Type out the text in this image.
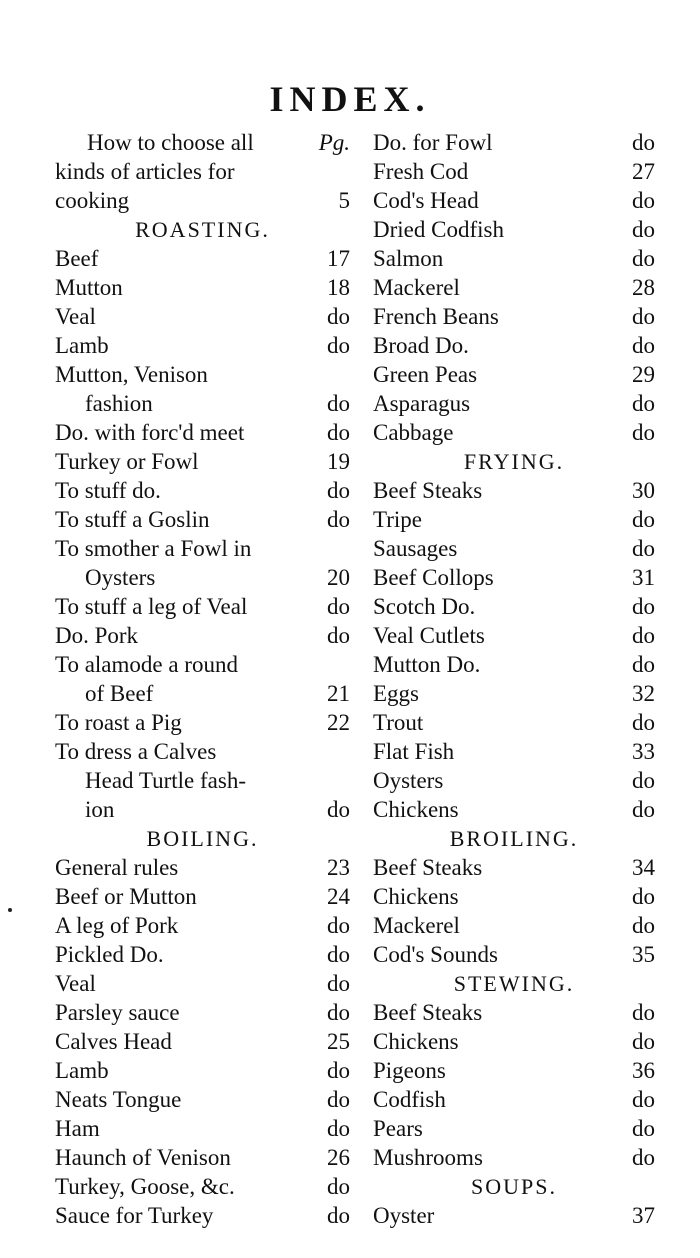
INDEX.
How to choose all	Pg.
kinds of articles for
cooking	5
ROASTING.
Beef	17
Mutton	18
Veal	do
Lamb	do
Mutton, Venison
fashion	do
Do. with forc'd meet	do
Turkey or Fowl	19
To stuff do.	do
To stuff a Goslin	do
To smother a Fowl in
Oysters	20
To stuff a leg of Veal	do
Do. Pork	do
To alamode a round
of Beef	21
To roast a Pig	22
To dress a Calves
Head Turtle fash-
ion	do
BOILING.
General rules	23
Beef or Mutton	24
A leg of Pork	do
Pickled Do.	do
Veal	do
Parsley sauce	do
Calves Head	25
Lamb	do
Neats Tongue	do
Ham	do
Haunch of Venison	26
Turkey, Goose, &c.	do
Sauce for Turkey	do
Do. for Fowl	do
Fresh Cod	27
Cod's Head	do
Dried Codfish	do
Salmon	do
Mackerel	28
French Beans	do
Broad Do.	do
Green Peas	29
Asparagus	do
Cabbage	do
FRYING.
Beef Steaks	30
Tripe	do
Sausages	do
Beef Collops	31
Scotch Do.	do
Veal Cutlets	do
Mutton Do.	do
Eggs	32
Trout	do
Flat Fish	33
Oysters	do
Chickens	do
BROILING.
Beef Steaks	34
Chickens	do
Mackerel	do
Cod's Sounds	35
STEWING.
Beef Steaks	do
Chickens	do
Pigeons	36
Codfish	do
Pears	do
Mushrooms	do
SOUPS.
Oyster	37
